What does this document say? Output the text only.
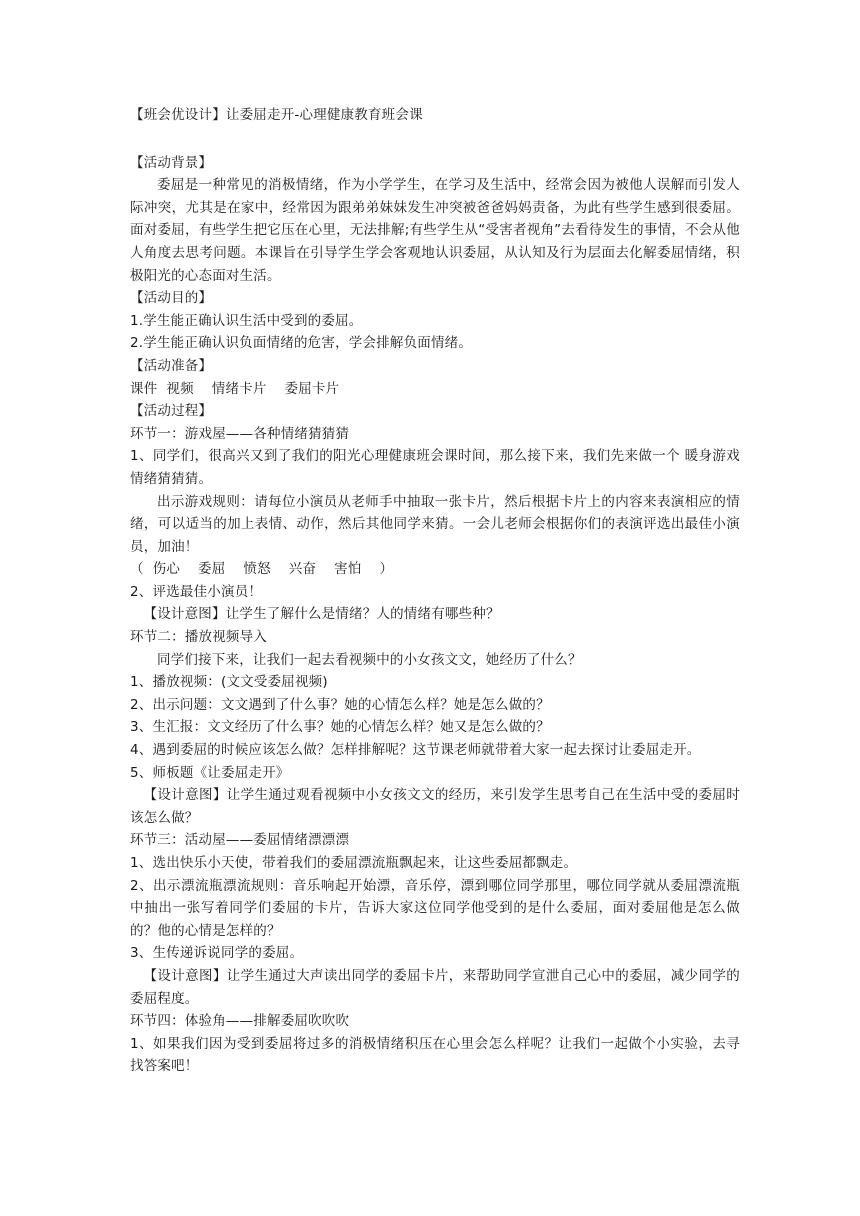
【班会优设计】让委屈走开-心理健康教育班会课

【活动背景】

委屈是一种常见的消极情绪，作为小学学生，在学习及生活中，经常会因为被他人误解而引发人际冲突，尤其是在家中，经常因为跟弟弟妹妹发生冲突被爸爸妈妈责备，为此有些学生感到很委屈。面对委屈，有些学生把它压在心里，无法排解;有些学生从“受害者视角”去看待发生的事情，不会从他人角度去思考问题。本课旨在引导学生学会客观地认识委屈，从认知及行为层面去化解委屈情绪，积极阳光的心态面对生活。

【活动目的】

1.学生能正确认识生活中受到的委屈。

2.学生能正确认识负面情绪的危害，学会排解负面情绪。

【活动准备】

课件  视频    情绪卡片    委屈卡片

【活动过程】

环节一：游戏屋——各种情绪猜猜猜

1、同学们，很高兴又到了我们的阳光心理健康班会课时间，那么接下来，我们先来做一个 暖身游戏 情绪猜猜猜。

出示游戏规则：请每位小演员从老师手中抽取一张卡片，然后根据卡片上的内容来表演相应的情绪，可以适当的加上表情、动作，然后其他同学来猜。一会儿老师会根据你们的表演评选出最佳小演员，加油！

（  伤心    委屈    愤怒    兴奋    害怕    ）

2、评选最佳小演员！

【设计意图】让学生了解什么是情绪？人的情绪有哪些种？

环节二：播放视频导入

同学们接下来，让我们一起去看视频中的小女孩文文，她经历了什么？

1、播放视频：(文文受委屈视频)

2、出示问题：文文遇到了什么事？她的心情怎么样？她是怎么做的？

3、生汇报：文文经历了什么事？她的心情怎么样？她又是怎么做的？

4、遇到委屈的时候应该怎么做？怎样排解呢？这节课老师就带着大家一起去探讨让委屈走开。

5、师板题《让委屈走开》

【设计意图】让学生通过观看视频中小女孩文文的经历，来引发学生思考自己在生活中受的委屈时该怎么做？

环节三：活动屋——委屈情绪漂漂漂

1、选出快乐小天使，带着我们的委屈漂流瓶飘起来，让这些委屈都飘走。

2、出示漂流瓶漂流规则：音乐响起开始漂，音乐停，漂到哪位同学那里，哪位同学就从委屈漂流瓶中抽出一张写着同学们委屈的卡片，告诉大家这位同学他受到的是什么委屈，面对委屈他是怎么做的？他的心情是怎样的？

3、生传递诉说同学的委屈。

【设计意图】让学生通过大声读出同学的委屈卡片，来帮助同学宣泄自己心中的委屈，减少同学的委屈程度。

环节四：体验角——排解委屈吹吹吹

1、如果我们因为受到委屈将过多的消极情绪积压在心里会怎么样呢？让我们一起做个小实验，去寻找答案吧！
